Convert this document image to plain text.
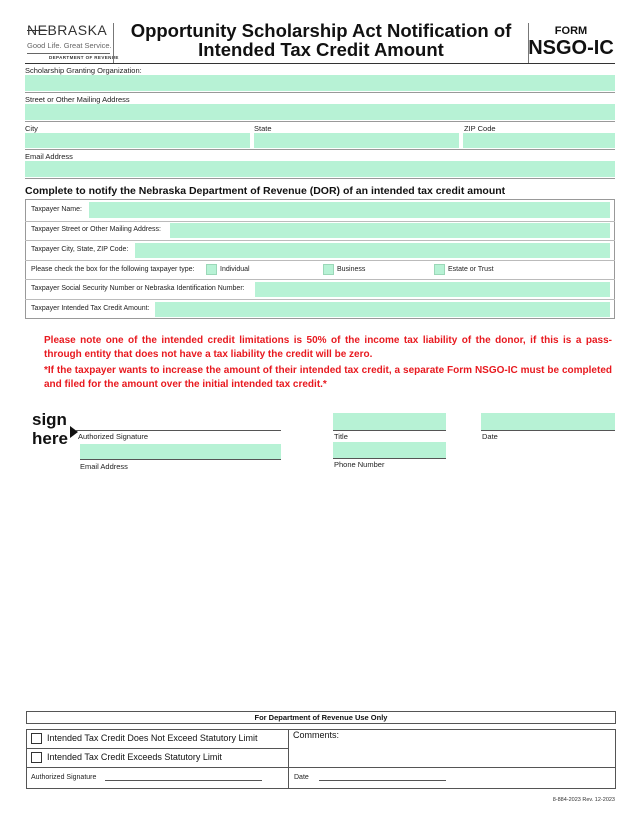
NEBRASKA
Good Life. Great Service.
DEPARTMENT OF REVENUE
Opportunity Scholarship Act Notification of
Intended Tax Credit Amount
FORM
NSGO-IC
Scholarship Granting Organization:
Street or Other Mailing Address
City	State	ZIP Code
Email Address
Complete to notify the Nebraska Department of Revenue (DOR) of an intended tax credit amount
Taxpayer Name:
Taxpayer Street or Other Mailing Address:
Taxpayer City, State, ZIP Code:
Please check the box for the following taxpayer type:	Individual	Business	Estate or Trust
Taxpayer Social Security Number or Nebraska Identification Number:
Taxpayer Intended Tax Credit Amount:
Please note one of the intended credit limitations is 50% of the income tax liability of the donor, if this is a pass-through entity that does not have a tax liability the credit will be zero.
*If the taxpayer wants to increase the amount of their intended tax credit, a separate Form NSGO-IC must be completed and filed for the amount over the initial intended tax credit.*
sign
here Authorized Signature
Email Address
Title
Phone Number
Date
For Department of Revenue Use Only
Intended Tax Credit Does Not Exceed Statutory Limit
Intended Tax Credit Exceeds Statutory Limit
Comments:
Authorized Signature	Date
8-884-2023 Rev. 12-2023
